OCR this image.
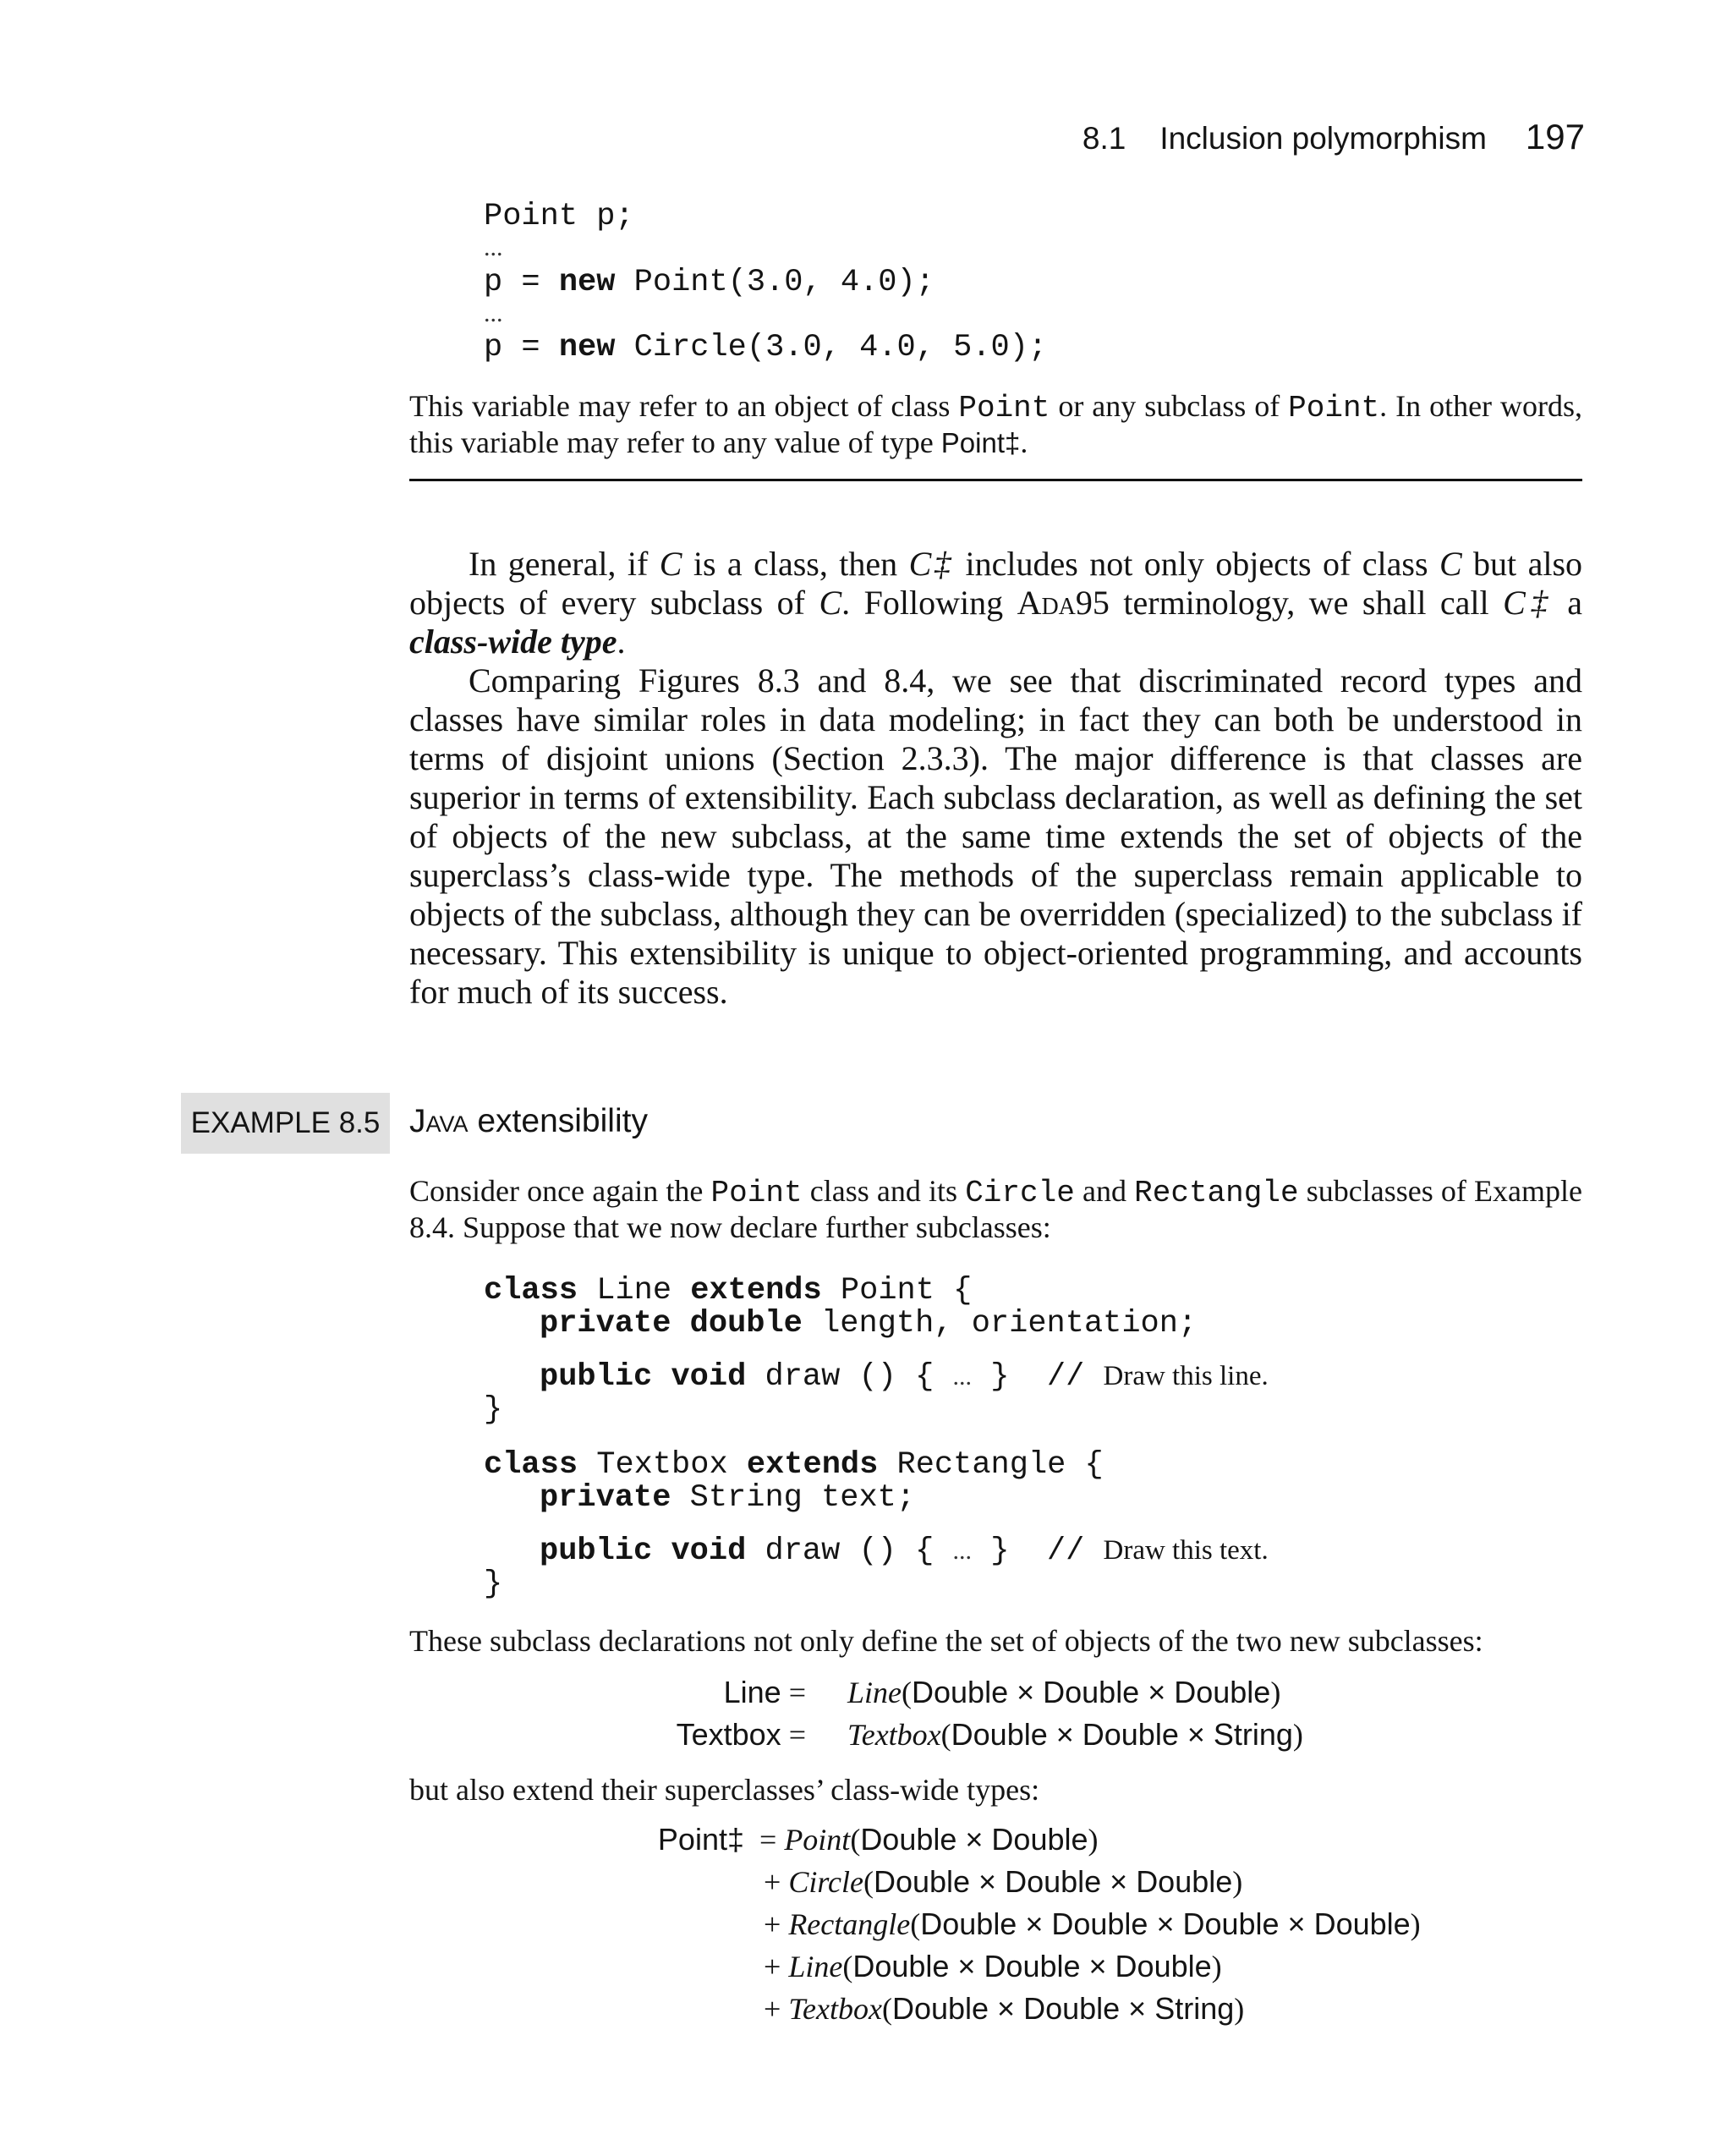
8.1 Inclusion polymorphism 197
Point p;
...
p = new Point(3.0, 4.0);
...
p = new Circle(3.0, 4.0, 5.0);
This variable may refer to an object of class Point or any subclass of Point. In other words, this variable may refer to any value of type Point‡.

In general, if C is a class, then C‡ includes not only objects of class C but also objects of every subclass of C. Following Ada95 terminology, we shall call C‡ a class-wide type.

Comparing Figures 8.3 and 8.4, we see that discriminated record types and classes have similar roles in data modeling; in fact they can both be understood in terms of disjoint unions (Section 2.3.3). The major difference is that classes are superior in terms of extensibility. Each subclass declaration, as well as defining the set of objects of the new subclass, at the same time extends the set of objects of the superclass’s class-wide type. The methods of the superclass remain applicable to objects of the subclass, although they can be overridden (specialized) to the subclass if necessary. This extensibility is unique to object-oriented programming, and accounts for much of its success.

EXAMPLE 8.5 Java extensibility
Consider once again the Point class and its Circle and Rectangle subclasses of Example 8.4. Suppose that we now declare further subclasses:
class Line extends Point {
private double length, orientation;
public void draw () { ... } // Draw this line.
}
class Textbox extends Rectangle {
private String text;
public void draw () { ... } // Draw this text.
}
These subclass declarations not only define the set of objects of the two new subclasses:
Line = Line(Double × Double × Double)
Textbox = Textbox(Double × Double × String)
but also extend their superclasses’ class-wide types:
Point‡ = Point(Double × Double)
+ Circle(Double × Double × Double)
+ Rectangle(Double × Double × Double × Double)
+ Line(Double × Double × Double)
+ Textbox(Double × Double × String)
